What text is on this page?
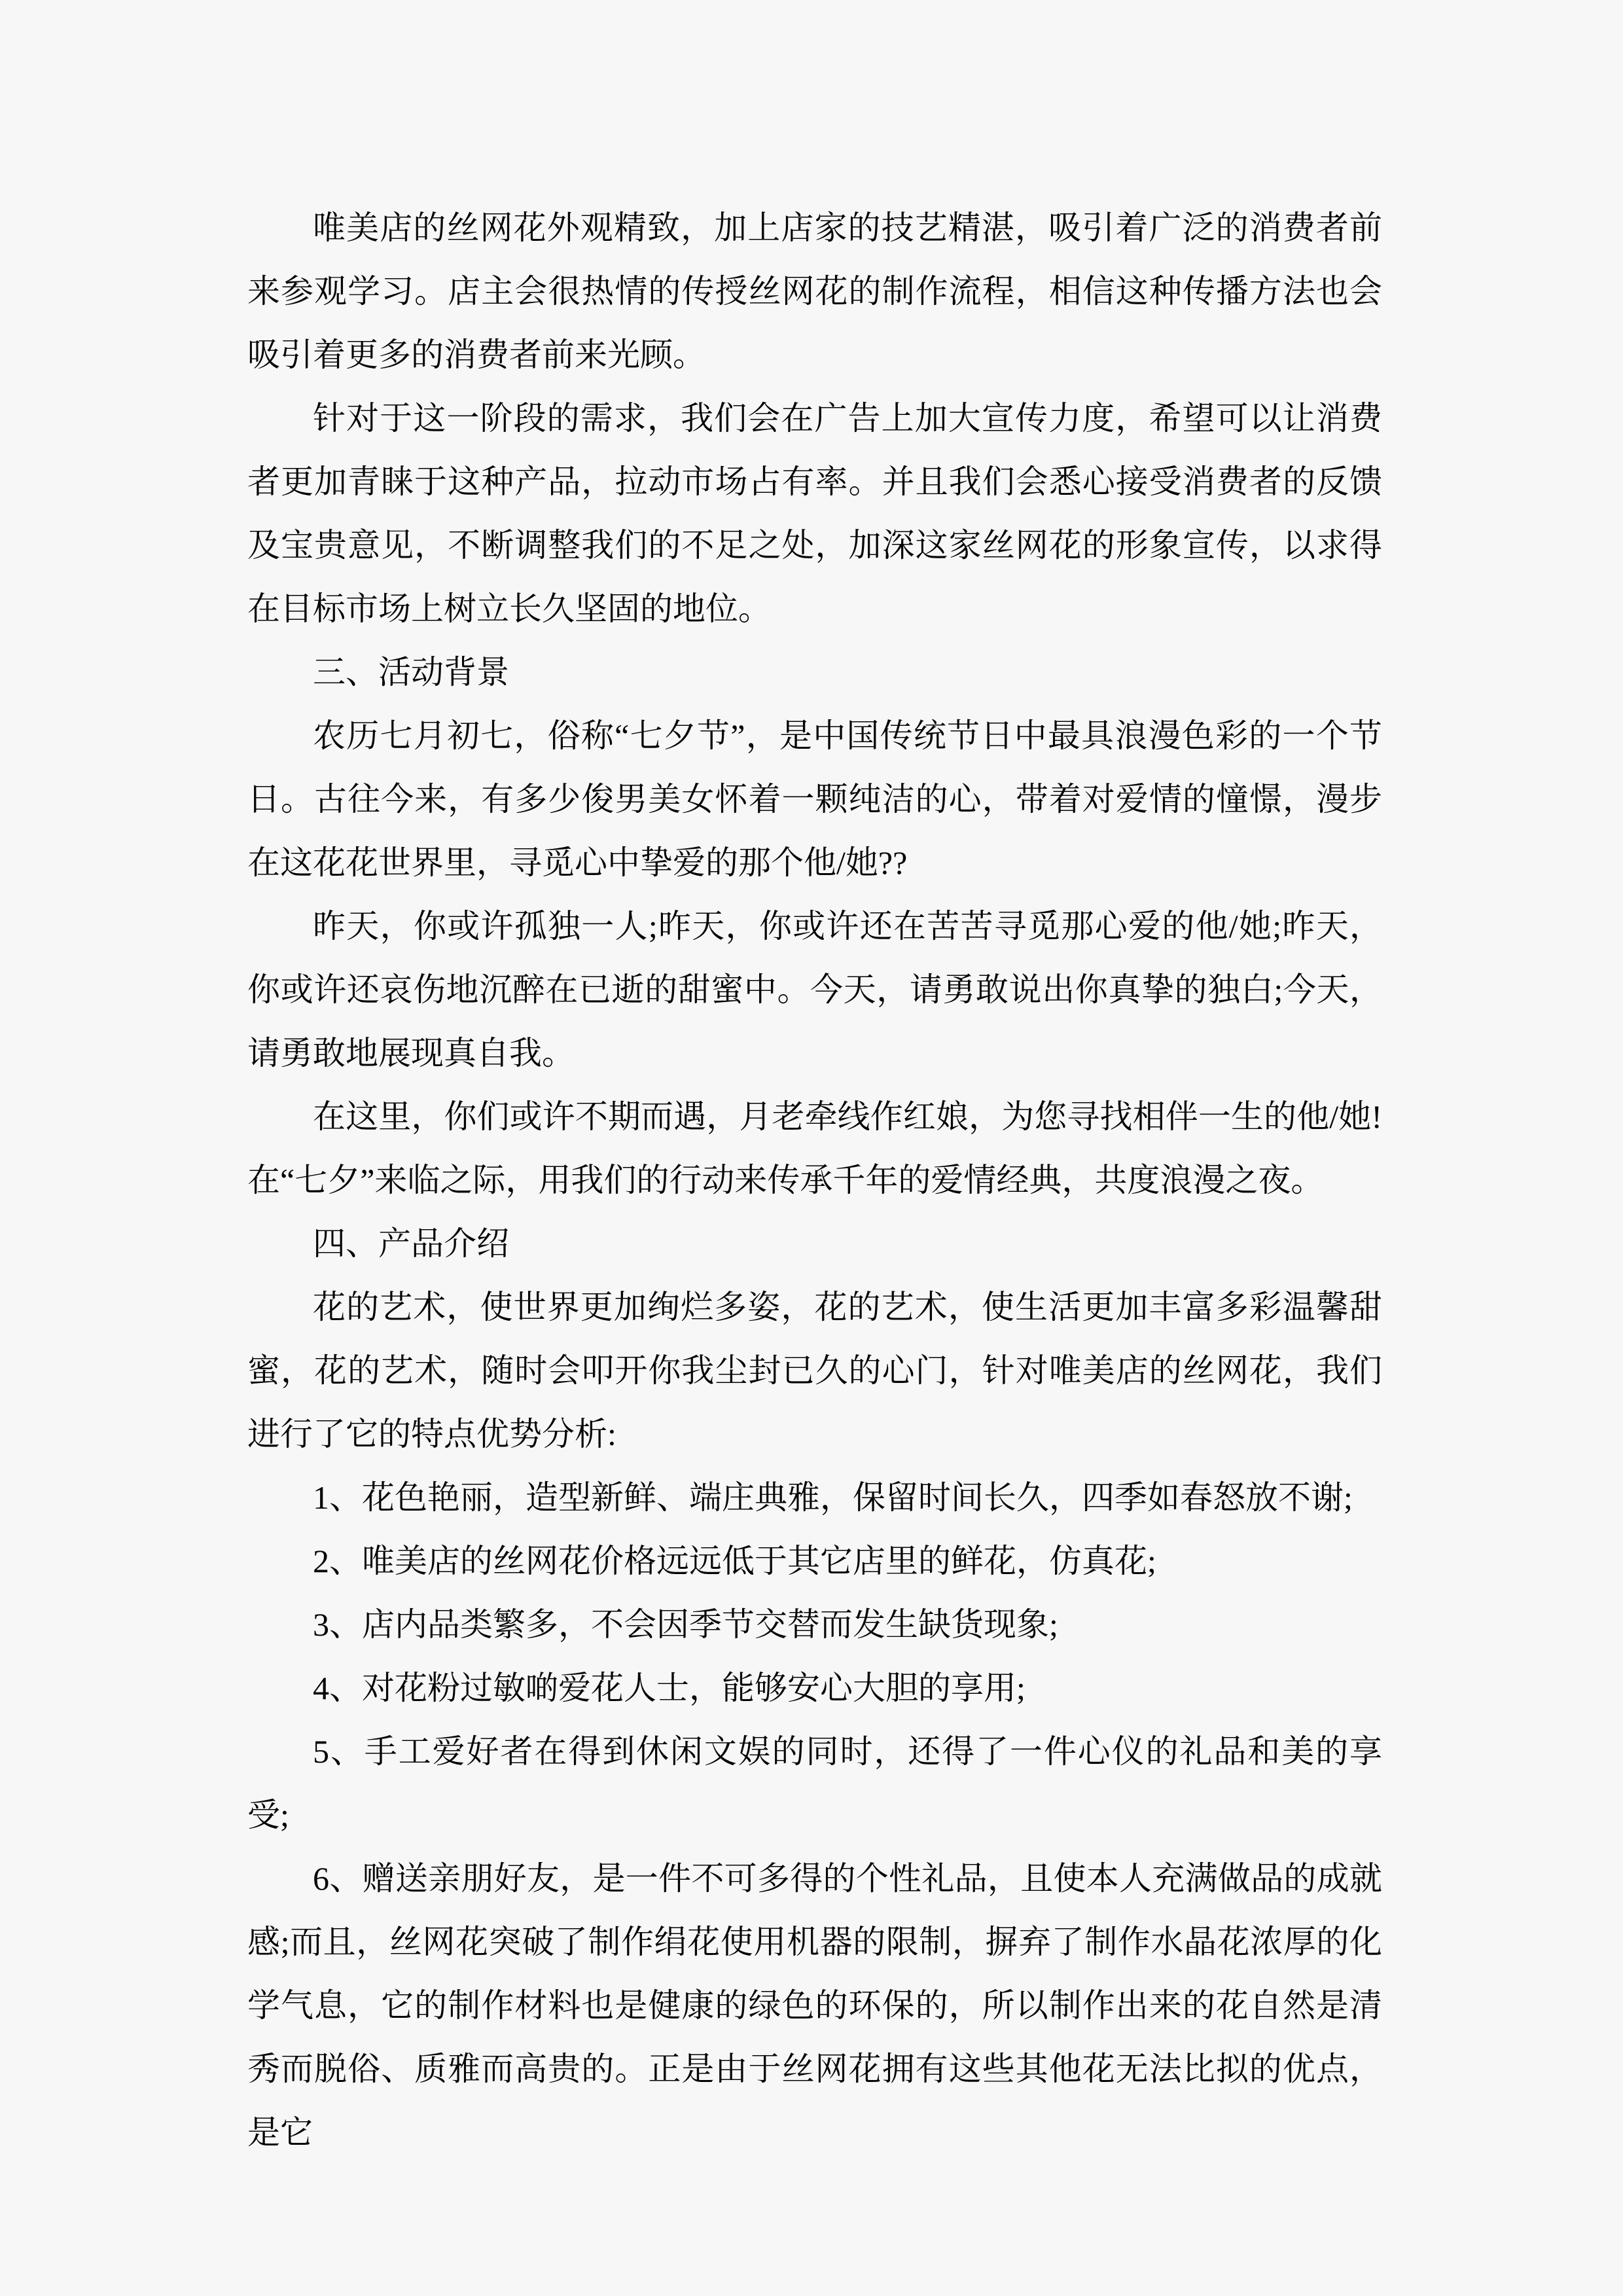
唯美店的丝网花外观精致，加上店家的技艺精湛，吸引着广泛的消费者前来参观学习。店主会很热情的传授丝网花的制作流程，相信这种传播方法也会吸引着更多的消费者前来光顾。

针对于这一阶段的需求，我们会在广告上加大宣传力度，希望可以让消费者更加青睐于这种产品，拉动市场占有率。并且我们会悉心接受消费者的反馈及宝贵意见，不断调整我们的不足之处，加深这家丝网花的形象宣传，以求得在目标市场上树立长久坚固的地位。

三、活动背景

农历七月初七，俗称“七夕节”，是中国传统节日中最具浪漫色彩的一个节日。古往今来，有多少俊男美女怀着一颗纯洁的心，带着对爱情的憧憬，漫步在这花花世界里，寻觅心中挚爱的那个他/她??

昨天，你或许孤独一人;昨天，你或许还在苦苦寻觅那心爱的他/她;昨天，你或许还哀伤地沉醉在已逝的甜蜜中。今天，请勇敢说出你真挚的独白;今天，请勇敢地展现真自我。

在这里，你们或许不期而遇，月老牵线作红娘，为您寻找相伴一生的他/她!在“七夕”来临之际，用我们的行动来传承千年的爱情经典，共度浪漫之夜。

四、产品介绍

花的艺术，使世界更加绚烂多姿，花的艺术，使生活更加丰富多彩温馨甜蜜，花的艺术，随时会叩开你我尘封已久的心门，针对唯美店的丝网花，我们进行了它的特点优势分析:

1、花色艳丽，造型新鲜、端庄典雅，保留时间长久，四季如春怒放不谢;

2、唯美店的丝网花价格远远低于其它店里的鲜花，仿真花;

3、店内品类繁多，不会因季节交替而发生缺货现象;

4、对花粉过敏啲爱花人士，能够安心大胆的享用;

5、手工爱好者在得到休闲文娱的同时，还得了一件心仪的礼品和美的享受;

6、赠送亲朋好友，是一件不可多得的个性礼品，且使本人充满做品的成就感;而且，丝网花突破了制作绢花使用机器的限制，摒弃了制作水晶花浓厚的化学气息，它的制作材料也是健康的绿色的环保的，所以制作出来的花自然是清秀而脱俗、质雅而高贵的。正是由于丝网花拥有这些其他花无法比拟的优点，是它
